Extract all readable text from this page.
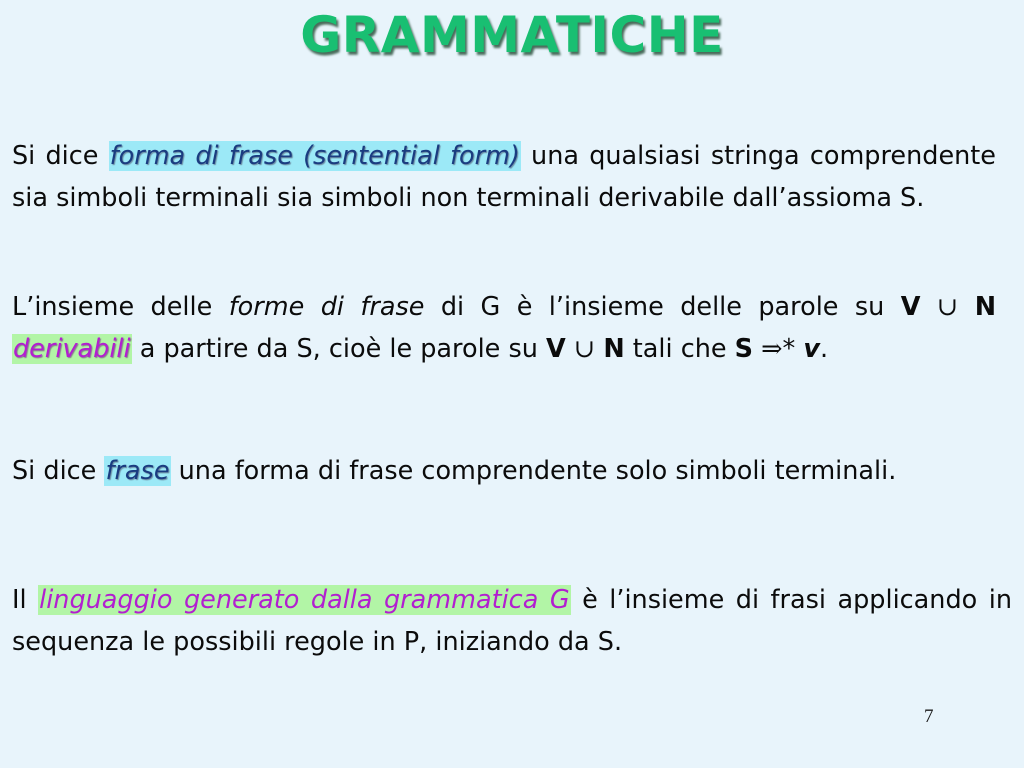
GRAMMATICHE

Si dice forma di frase (sentential form) una qualsiasi stringa comprendente sia simboli terminali sia simboli non terminali derivabile dall’assioma S.

L’insieme delle forme di frase di G è l’insieme delle parole su V ∪ N derivabili a partire da S, cioè le parole su V ∪ N tali che S ⇒* v.

Si dice frase una forma di frase comprendente solo simboli terminali.

Il linguaggio generato dalla grammatica G è l’insieme di frasi applicando in sequenza le possibili regole in P, iniziando da S.

7
